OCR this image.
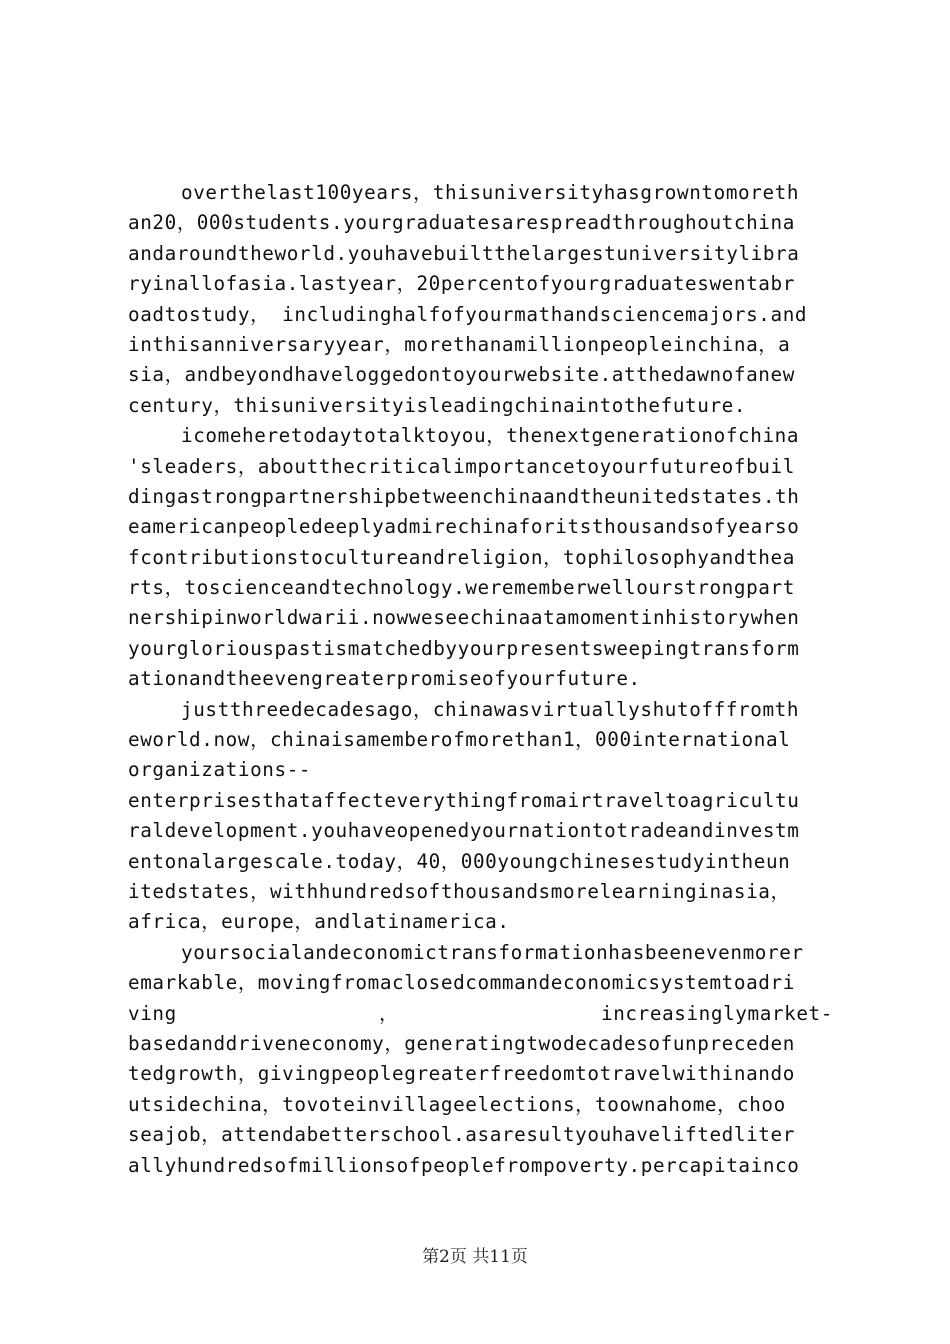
overthelast100years，thisuniversityhasgrowntomoreth
an20，000students.yourgraduatesarespreadthroughoutchina
andaroundtheworld.youhavebuiltthelargestuniversitylibra
ryinallofasia.lastyear，20percentofyourgraduateswentabr
oadtostudy， includinghalfofyourmathandsciencemajors.and
inthisanniversaryyear，morethanamillionpeopleinchina，a
sia，andbeyondhaveloggedontoyourwebsite.atthedawnofanew
century，thisuniversityisleadingchinaintothefuture.
icomeheretodaytotalktoyou，thenextgenerationofchina
'sleaders，aboutthecriticalimportancetoyourfutureofbuil
dingastrongpartnershipbetweenchinaandtheunitedstates.th
eamericanpeopledeeplyadmirechinaforitsthousandsofyearso
fcontributionstocultureandreligion，tophilosophyandthea
rts，toscienceandtechnology.werememberwellourstrongpart
nershipinworldwarii.nowweseechinaatamomentinhistorywhen
yourgloriouspastismatchedbyyourpresentsweepingtransform
ationandtheevengreaterpromiseofyourfuture.
justthreedecadesago，chinawasvirtuallyshutofffromth
eworld.now，chinaisamemberofmorethan1，000international
organizations--
enterprisesthataffecteverythingfromairtraveltoagricultu
raldevelopment.youhaveopenedyournationtotradeandinvestm
entonalargescale.today，40，000youngchinesestudyintheun
itedstates，withhundredsofthousandsmorelearninginasia，
africa，europe，andlatinamerica.
yoursocialandeconomictransformationhasbeenevenmorer
emarkable，movingfromaclosedcommandeconomicsystemtoadri
ving	，	increasinglymarket-
basedanddriveneconomy，generatingtwodecadesofunpreceden
tedgrowth，givingpeoplegreaterfreedomtotravelwithinando
utsidechina，tovoteinvillageelections，toownahome，choo
seajob，attendabetterschool.asaresultyouhaveliftedliter
allyhundredsofmillionsofpeoplefrompoverty.percapitainco
第2页 共11页
